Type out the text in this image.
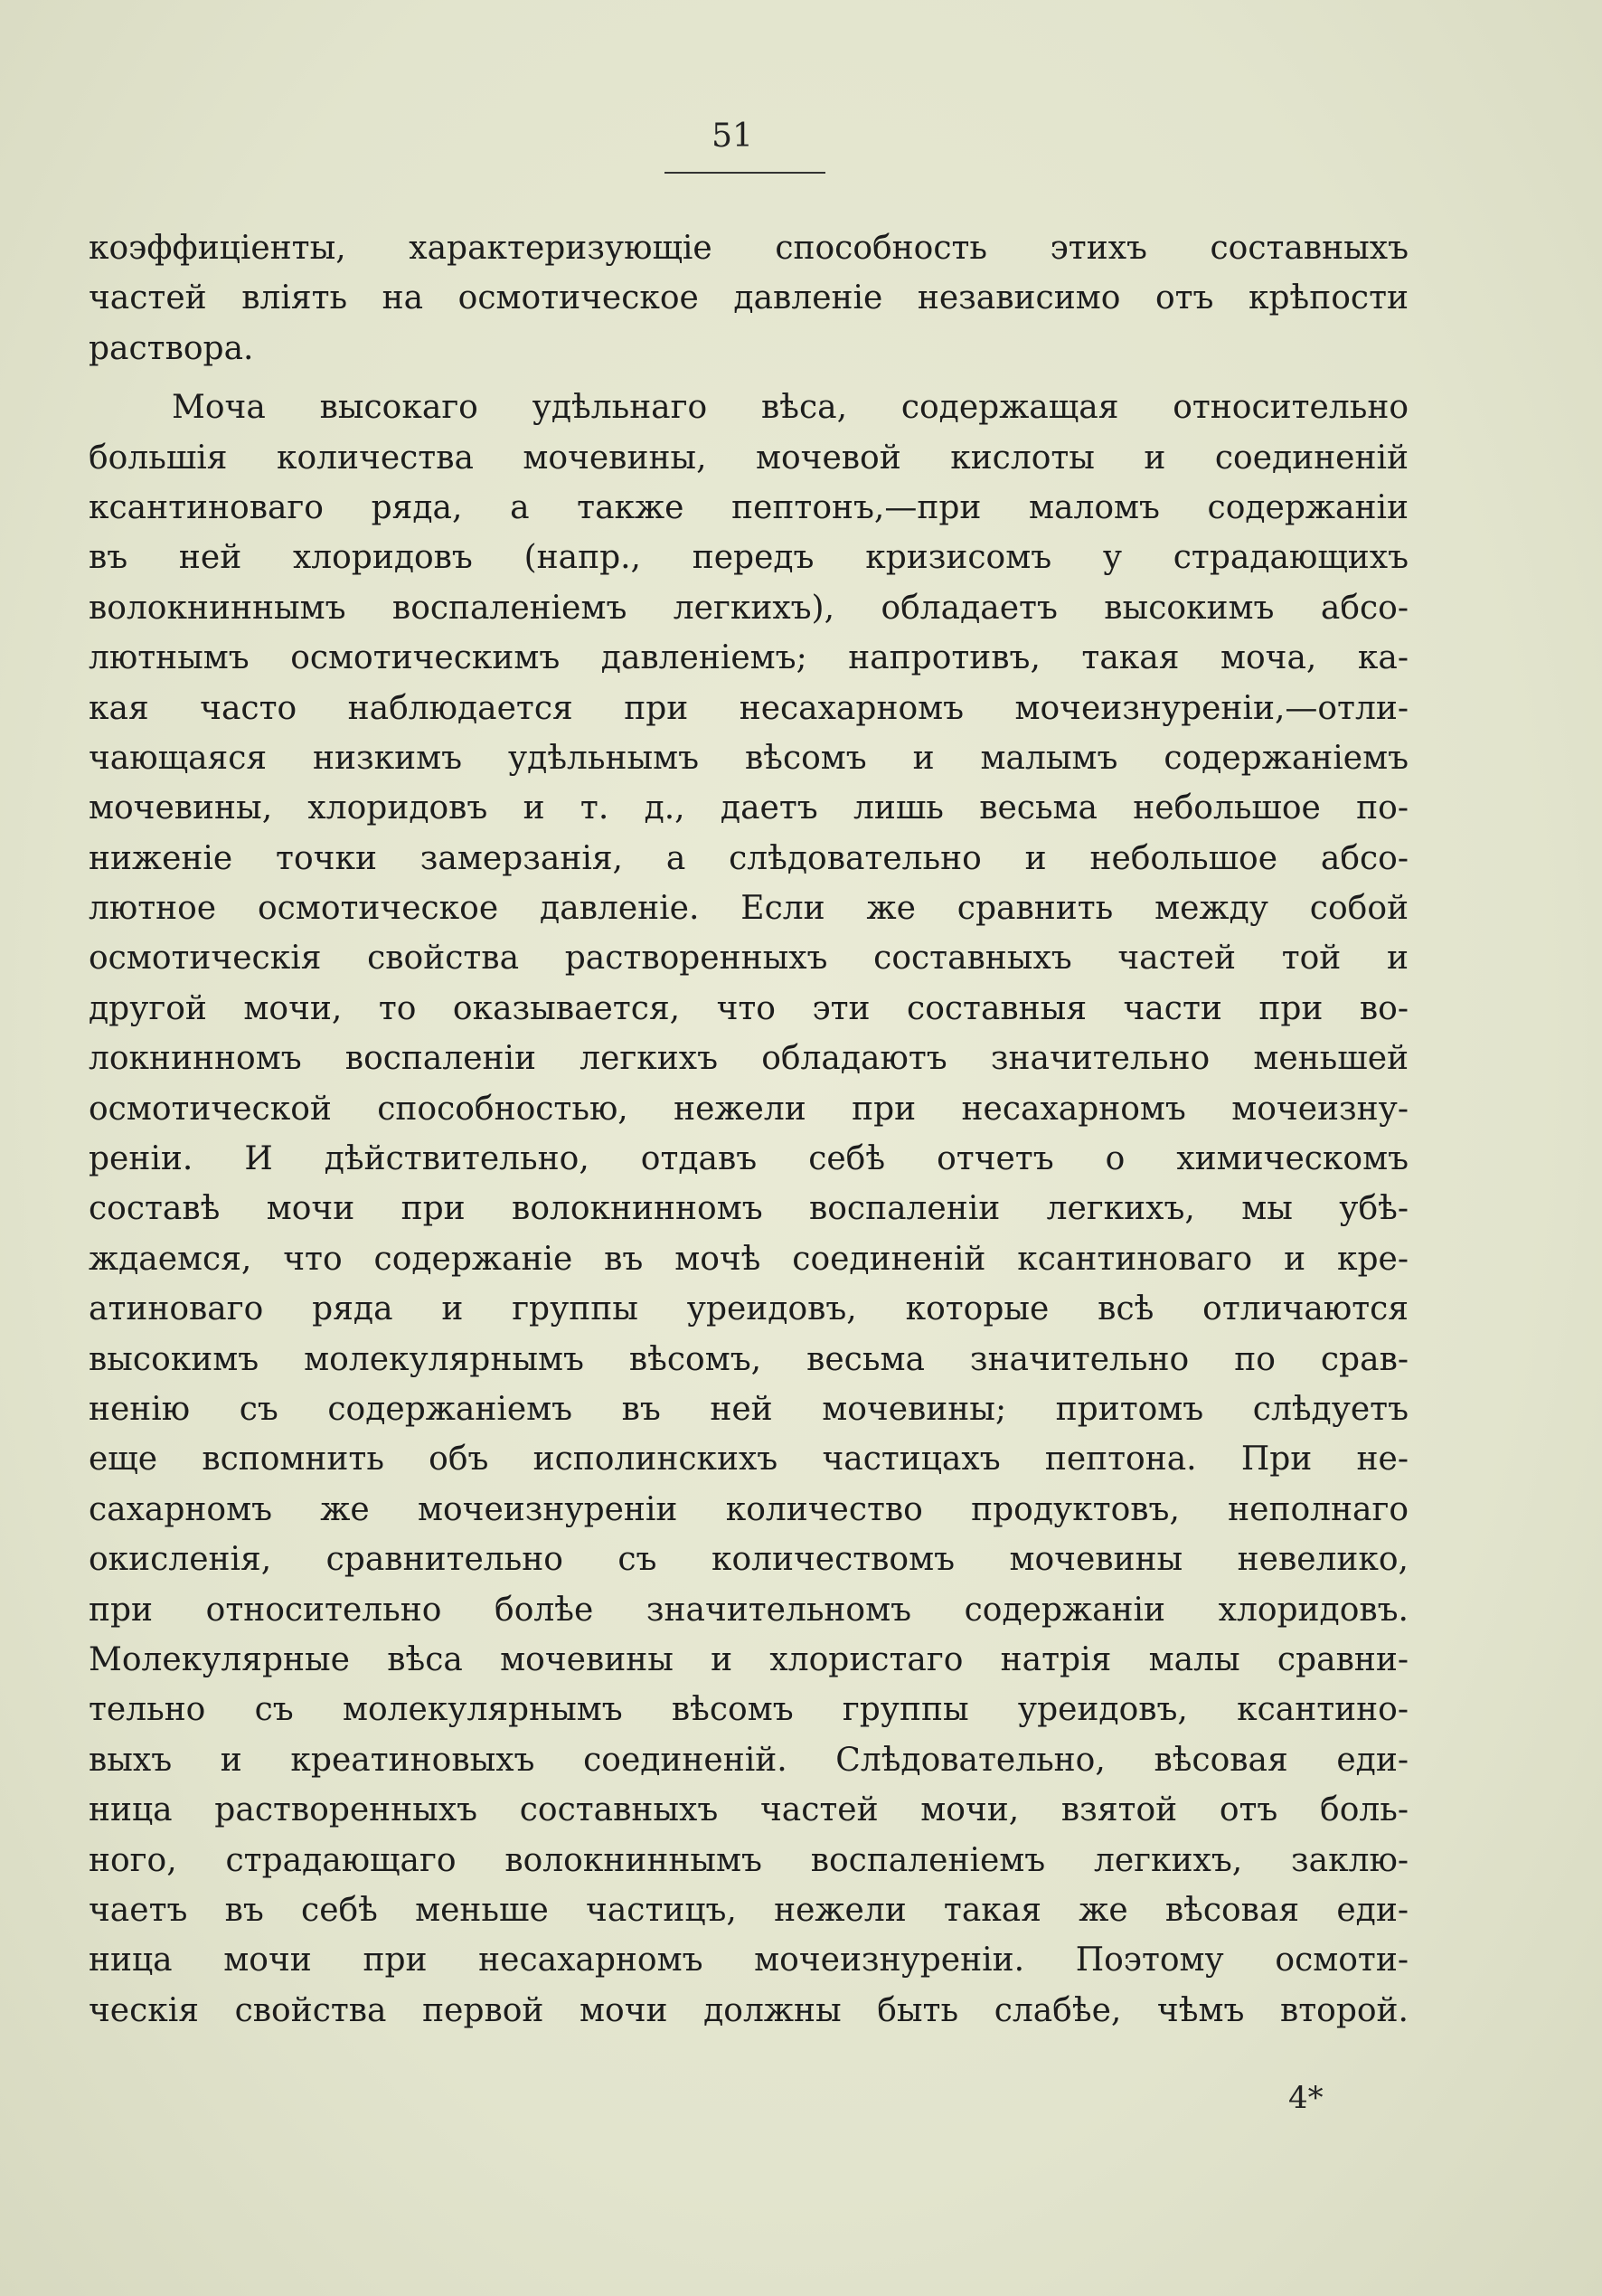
51
коэффиціенты, характеризующіе способность этихъ составныхъ
частей вліять на осмотическое давленіе независимо отъ крѣпости
раствора.
Моча высокаго удѣльнаго вѣса, содержащая относительно
большія количества мочевины, мочевой кислоты и соединеній
ксантиноваго ряда, а также пептонъ,—при маломъ содержаніи
въ ней хлоридовъ (напр., передъ кризисомъ у страдающихъ
волокниннымъ воспаленіемъ легкихъ), обладаетъ высокимъ абсо-
лютнымъ осмотическимъ давленіемъ; напротивъ, такая моча, ка-
кая часто наблюдается при несахарномъ мочеизнуреніи,—отли-
чающаяся низкимъ удѣльнымъ вѣсомъ и малымъ содержаніемъ
мочевины, хлоридовъ и т. д., даетъ лишь весьма небольшое по-
ниженіе точки замерзанія, а слѣдовательно и небольшое абсо-
лютное осмотическое давленіе. Если же сравнить между собой
осмотическія свойства растворенныхъ составныхъ частей той и
другой мочи, то оказывается, что эти составныя части при во-
локнинномъ воспаленіи легкихъ обладаютъ значительно меньшей
осмотической способностью, нежели при несахарномъ мочеизну-
реніи. И дѣйствительно, отдавъ себѣ отчетъ о химическомъ
составѣ мочи при волокнинномъ воспаленіи легкихъ, мы убѣ-
ждаемся, что содержаніе въ мочѣ соединеній ксантиноваго и кре-
атиноваго ряда и группы уреидовъ, которые всѣ отличаются
высокимъ молекулярнымъ вѣсомъ, весьма значительно по срав-
ненію съ содержаніемъ въ ней мочевины; притомъ слѣдуетъ
еще вспомнить объ исполинскихъ частицахъ пептона. При не-
сахарномъ же мочеизнуреніи количество продуктовъ, неполнаго
окисленія, сравнительно съ количествомъ мочевины невелико,
при относительно болѣе значительномъ содержаніи хлоридовъ.
Молекулярные вѣса мочевины и хлористаго натрія малы сравни-
тельно съ молекулярнымъ вѣсомъ группы уреидовъ, ксантино-
выхъ и креатиновыхъ соединеній. Слѣдовательно, вѣсовая еди-
ница растворенныхъ составныхъ частей мочи, взятой отъ боль-
ного, страдающаго волокниннымъ воспаленіемъ легкихъ, заклю-
чаетъ въ себѣ меньше частицъ, нежели такая же вѣсовая еди-
ница мочи при несахарномъ мочеизнуреніи. Поэтому осмоти-
ческія свойства первой мочи должны быть слабѣе, чѣмъ второй.
4*
